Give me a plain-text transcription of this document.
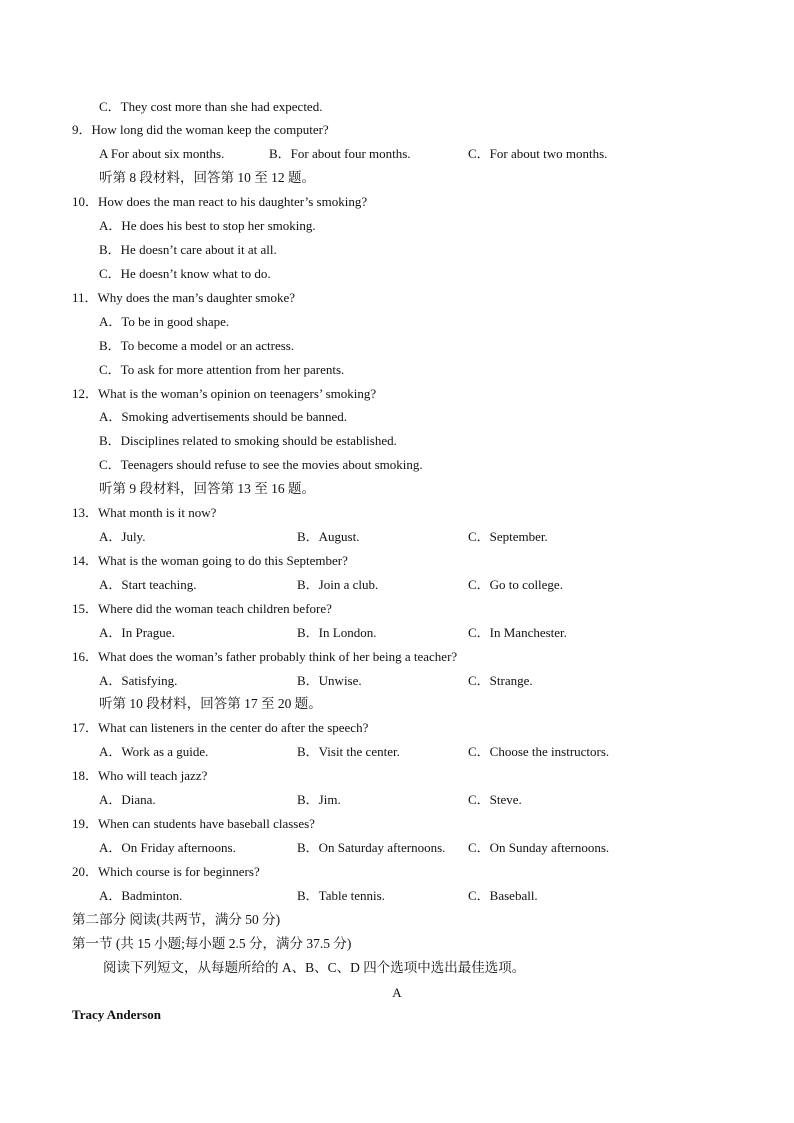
C．They cost more than she had expected.
9．How long did the woman keep the computer?
A For about six months.	B．For about four months.	C．For about two months.
听第 8 段材料，回答第 10 至 12 题。
10．How does the man react to his daughter’s smoking?
A．He does his best to stop her smoking.
B．He doesn’t care about it at all.
C．He doesn’t know what to do.
11．Why does the man’s daughter smoke?
A．To be in good shape.
B．To become a model or an actress.
C．To ask for more attention from her parents.
12．What is the woman’s opinion on teenagers’ smoking?
A．Smoking advertisements should be banned.
B．Disciplines related to smoking should be established.
C．Teenagers should refuse to see the movies about smoking.
听第 9 段材料，回答第 13 至 16 题。
13．What month is it now?
A．July.	B．August.	C．September.
14．What is the woman going to do this September?
A．Start teaching.	B．Join a club.	C．Go to college.
15．Where did the woman teach children before?
A．In Prague.	B．In London.	C．In Manchester.
16．What does the woman’s father probably think of her being a teacher?
A．Satisfying.	B．Unwise.	C．Strange.
听第 10 段材料，回答第 17 至 20 题。
17．What can listeners in the center do after the speech?
A．Work as a guide.	B．Visit the center.	C．Choose the instructors.
18．Who will teach jazz?
A．Diana.	B．Jim.	C．Steve.
19．When can students have baseball classes?
A．On Friday afternoons.	B．On Saturday afternoons. C．On Sunday afternoons.
20．Which course is for beginners?
A．Badminton.	B．Table tennis.	C．Baseball.
第二部分 阅读(共两节，满分 50 分)
第一节 (共 15 小题;每小题 2.5 分，满分 37.5 分)
阅读下列短文，从每题所给的 A、B、C、D 四个选项中选出最佳选项。
A
Tracy Anderson
